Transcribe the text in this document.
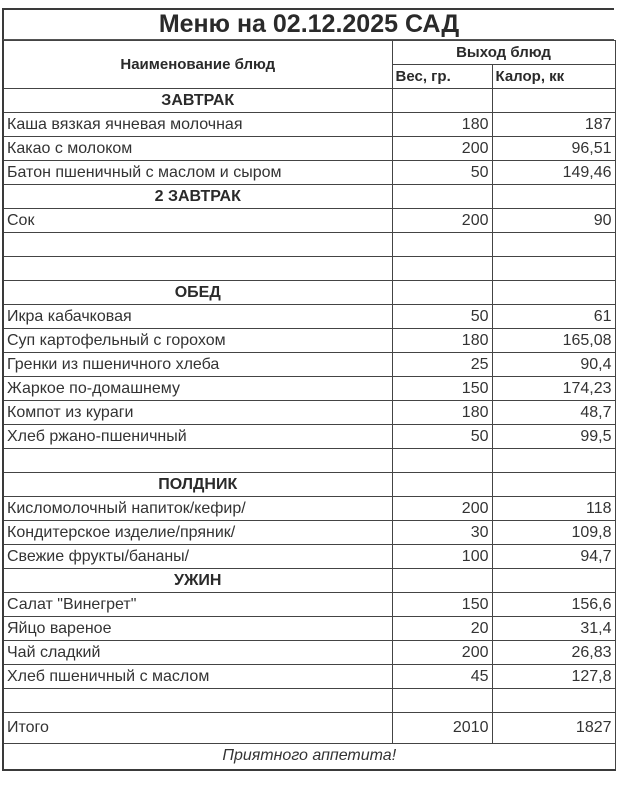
Меню на 02.12.2025 САД
Наименование блюд	Выход блюд	
	Вес, гр.	Калор, кк
ЗАВТРАК		
Каша вязкая ячневая молочная	180	187
Какао с молоком	200	96,51
Батон пшеничный с маслом и сыром	50	149,46
2 ЗАВТРАК		
Сок	200	90

ОБЕД		
Икра кабачковая	50	61
Суп картофельный с горохом	180	165,08
Гренки из пшеничного хлеба	25	90,4
Жаркое по-домашнему	150	174,23
Компот из кураги	180	48,7
Хлеб ржано-пшеничный	50	99,5

ПОЛДНИК		
Кисломолочный напиток/кефир/	200	118
Кондитерское изделие/пряник/	30	109,8
Свежие фрукты/бананы/	100	94,7
УЖИН		
Салат "Винегрет"	150	156,6
Яйцо вареное	20	31,4
Чай сладкий	200	26,83
Хлеб пшеничный с маслом	45	127,8

Итого	2010	1827
Приятного аппетита!		
